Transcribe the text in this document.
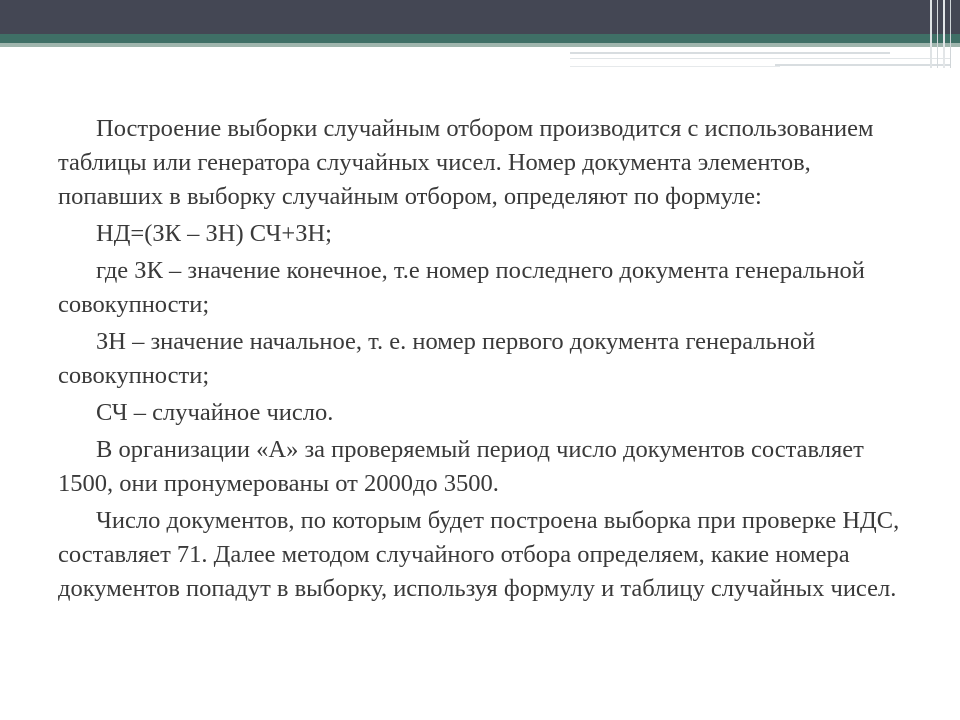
Построение выборки случайным отбором производится с использованием таблицы или генератора случайных чисел. Номер документа элементов, попавших в выборку случайным отбором, определяют по формуле:

НД=(ЗК – ЗН) СЧ+ЗН;

где ЗК – значение конечное, т.е номер последнего документа генеральной совокупности;

ЗН – значение начальное, т. е. номер первого документа генеральной совокупности;

СЧ – случайное число.

В организации «А» за проверяемый период число документов составляет 1500, они пронумерованы от 2000до 3500.

Число документов, по которым будет построена выборка при проверке НДС, составляет 71. Далее методом случайного отбора определяем, какие номера документов попадут в выборку, используя формулу и таблицу случайных чисел.
